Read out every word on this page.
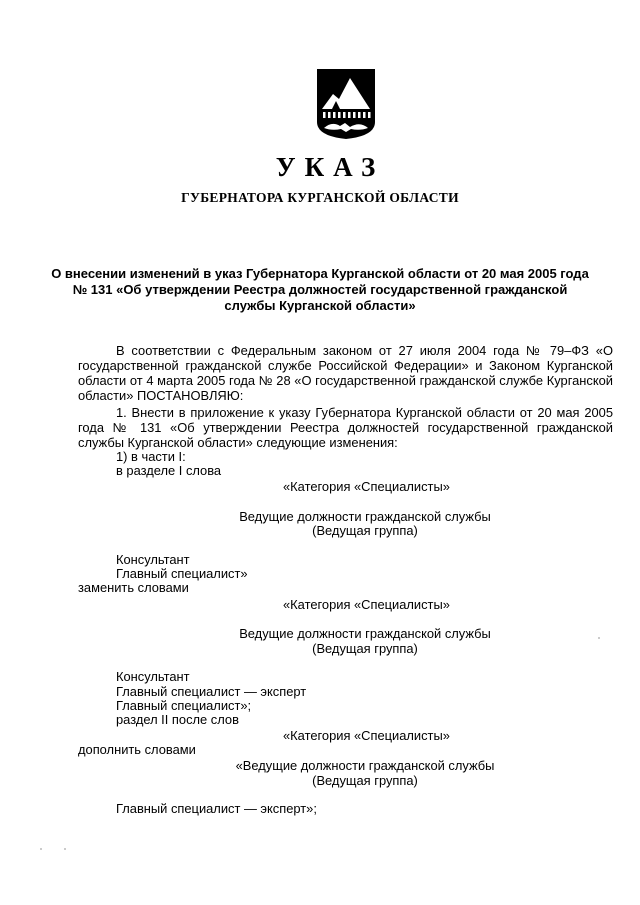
УКАЗ
ГУБЕРНАТОРА КУРГАНСКОЙ ОБЛАСТИ
О внесении изменений в указ Губернатора Курганской области от 20 мая 2005 года
№ 131 «Об утверждении Реестра должностей государственной гражданской
службы Курганской области»
В соответствии с Федеральным законом от 27 июля 2004 года № 79–ФЗ «О государственной гражданской службе Российской Федерации» и Законом Курганской области от 4 марта 2005 года № 28 «О государственной гражданской службе Курганской области» ПОСТАНОВЛЯЮ:
1. Внести в приложение к указу Губернатора Курганской области от 20 мая 2005 года № 131 «Об утверждении Реестра должностей государственной гражданской службы Курганской области» следующие изменения:
1) в части I:
в разделе I слова
«Категория «Специалисты»
Ведущие должности гражданской службы
(Ведущая группа)
Консультант
Главный специалист»
заменить словами
«Категория «Специалисты»
Ведущие должности гражданской службы
(Ведущая группа)
Консультант
Главный специалист — эксперт
Главный специалист»;
раздел II после слов
«Категория «Специалисты»
дополнить словами
«Ведущие должности гражданской службы
(Ведущая группа)
Главный специалист — эксперт»;
